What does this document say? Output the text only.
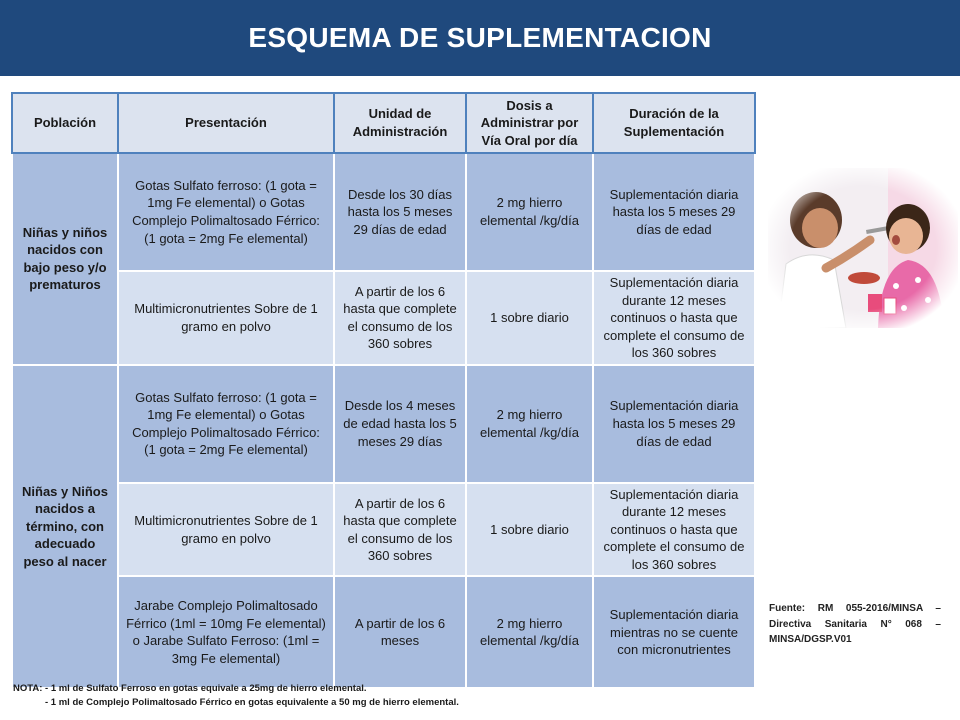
ESQUEMA DE SUPLEMENTACION
Población	Presentación	Unidad de Administración	Dosis a Administrar por Vía Oral por día	Duración de la Suplementación
Niñas y niños nacidos con bajo peso y/o prematuros	Gotas Sulfato ferroso: (1 gota = 1mg Fe elemental) o Gotas Complejo Polimaltosado Férrico: (1 gota = 2mg Fe elemental)	Desde los 30 días hasta los 5 meses 29 días de edad	2 mg hierro elemental /kg/día	Suplementación diaria hasta los 5 meses 29 días de edad
	Multimicronutrientes Sobre de 1 gramo en polvo	A partir de los 6 hasta que complete el consumo de los 360 sobres	1 sobre diario	Suplementación diaria durante 12 meses continuos o hasta que complete el consumo de los 360 sobres
Niñas y Niños nacidos a término, con adecuado peso al nacer	Gotas Sulfato ferroso: (1 gota = 1mg Fe elemental) o Gotas Complejo Polimaltosado Férrico: (1 gota = 2mg Fe elemental)	Desde los 4 meses de edad hasta los 5 meses 29 días	2 mg hierro elemental /kg/día	Suplementación diaria hasta los 5 meses 29 días de edad
	Multimicronutrientes Sobre de 1 gramo en polvo	A partir de los 6 hasta que complete el consumo de los 360 sobres	1 sobre diario	Suplementación diaria durante 12 meses continuos o hasta que complete el consumo de los 360 sobres
	Jarabe Complejo Polimaltosado Férrico (1ml = 10mg Fe elemental) o Jarabe Sulfato Ferroso: (1ml = 3mg Fe elemental)	A partir de los 6 meses	2 mg hierro elemental /kg/día	Suplementación diaria mientras no se cuente con micronutrientes
Fuente: RM 055-2016/MINSA – Directiva Sanitaria N° 068 – MINSA/DGSP.V01
NOTA: - 1 ml de Sulfato Ferroso en gotas equivale a 25mg de hierro elemental.
- 1 ml de Complejo Polimaltosado Férrico en gotas equivalente a 50 mg de hierro elemental.
